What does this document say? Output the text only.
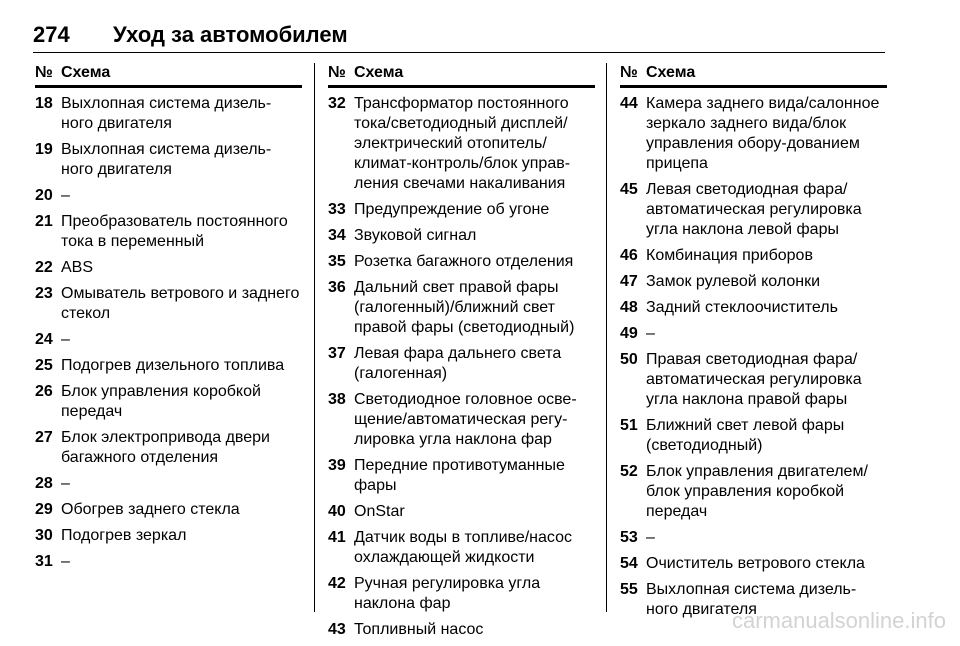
274 Уход за автомобилем
№ Схема
18 Выхлопная система дизель-ного двигателя
19 Выхлопная система дизель-ного двигателя
20 –
21 Преобразователь постоянного тока в переменный
22 ABS
23 Омыватель ветрового и заднего стекол
24 –
25 Подогрев дизельного топлива
26 Блок управления коробкой передач
27 Блок электропривода двери багажного отделения
28 –
29 Обогрев заднего стекла
30 Подогрев зеркал
31 –
№ Схема
32 Трансформатор постоянного тока/светодиодный дисплей/электрический отопитель/климат-контроль/блок управ-ления свечами накаливания
33 Предупреждение об угоне
34 Звуковой сигнал
35 Розетка багажного отделения
36 Дальний свет правой фары (галогенный)/ближний свет правой фары (светодиодный)
37 Левая фара дальнего света (галогенная)
38 Светодиодное головное осве-щение/автоматическая регу-лировка угла наклона фар
39 Передние противотуманные фары
40 OnStar
41 Датчик воды в топливе/насос охлаждающей жидкости
42 Ручная регулировка угла наклона фар
43 Топливный насос
№ Схема
44 Камера заднего вида/салонное зеркало заднего вида/блок управления обору-дованием прицепа
45 Левая светодиодная фара/автоматическая регулировка угла наклона левой фары
46 Комбинация приборов
47 Замок рулевой колонки
48 Задний стеклоочиститель
49 –
50 Правая светодиодная фара/автоматическая регулировка угла наклона правой фары
51 Ближний свет левой фары (светодиодный)
52 Блок управления двигателем/блок управления коробкой передач
53 –
54 Очиститель ветрового стекла
55 Выхлопная система дизель-ного двигателя
carmanualsonline.info
